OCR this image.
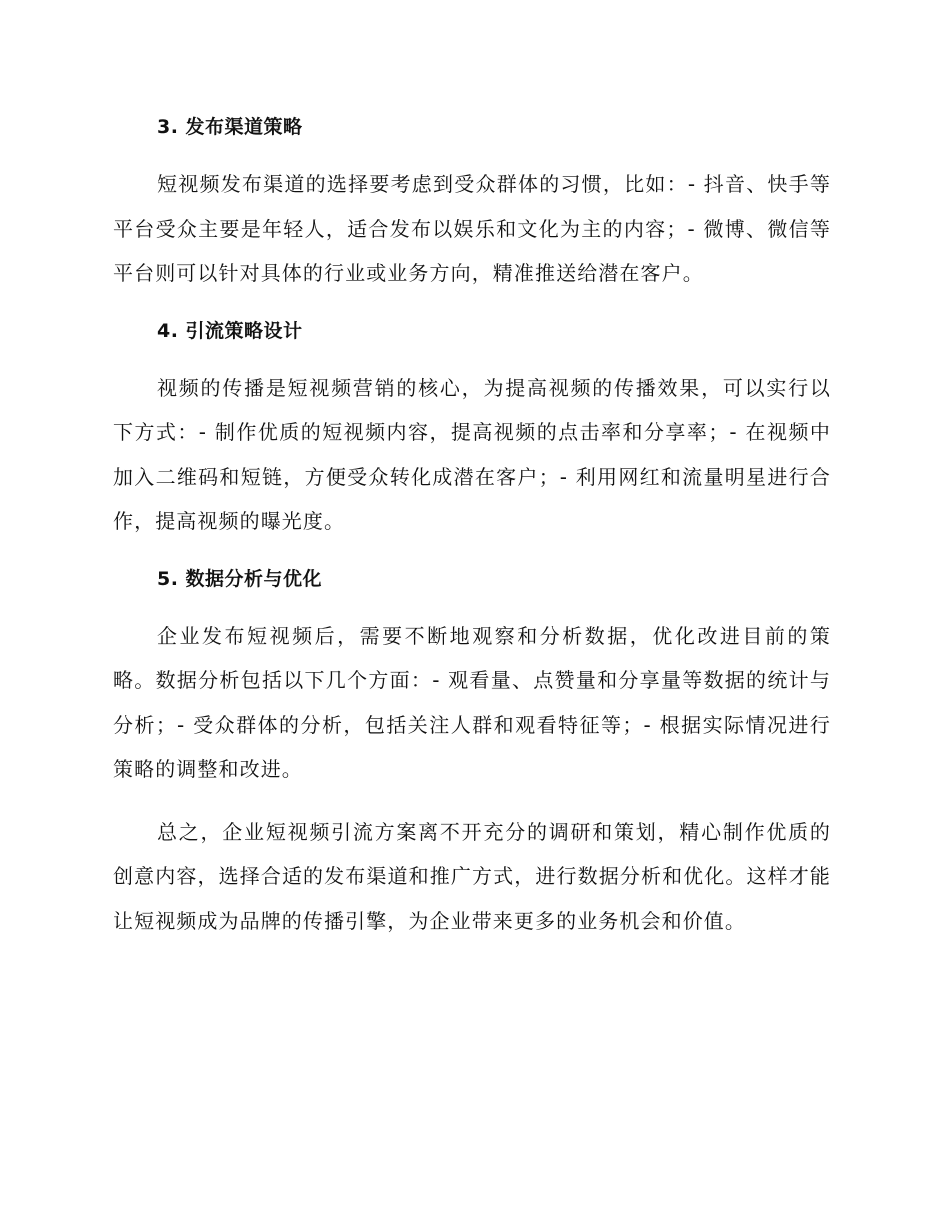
3. 发布渠道策略

短视频发布渠道的选择要考虑到受众群体的习惯，比如：- 抖音、快手等平台受众主要是年轻人，适合发布以娱乐和文化为主的内容；- 微博、微信等平台则可以针对具体的行业或业务方向，精准推送给潜在客户。

4. 引流策略设计

视频的传播是短视频营销的核心，为提高视频的传播效果，可以实行以下方式：- 制作优质的短视频内容，提高视频的点击率和分享率；- 在视频中加入二维码和短链，方便受众转化成潜在客户；- 利用网红和流量明星进行合作，提高视频的曝光度。

5. 数据分析与优化

企业发布短视频后，需要不断地观察和分析数据，优化改进目前的策略。数据分析包括以下几个方面：- 观看量、点赞量和分享量等数据的统计与分析；- 受众群体的分析，包括关注人群和观看特征等；- 根据实际情况进行策略的调整和改进。

总之，企业短视频引流方案离不开充分的调研和策划，精心制作优质的创意内容，选择合适的发布渠道和推广方式，进行数据分析和优化。这样才能让短视频成为品牌的传播引擎，为企业带来更多的业务机会和价值。
